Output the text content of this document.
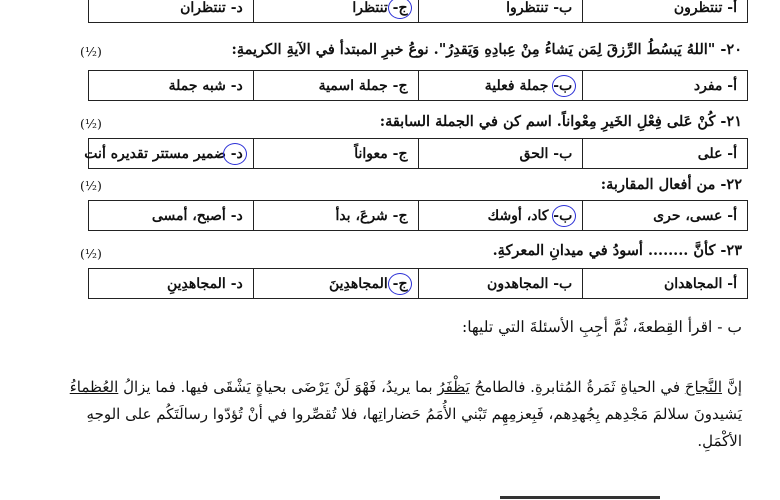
أ- تنتظرون	ب- تنتظروا	ج- تنتظرا	د- تنتظران
٢٠- "اللهُ يَبسُطُ الرِّزقَ لِمَن يَشاءُ مِنْ عِبادِهِ وَيَقدِرُ". نوعُ خبرِ المبتدأ في الآيةِ الكريمةِ:
(½)
أ- مفرد	ب- جملة فعلية	ج- جملة اسمية	د- شبه جملة
٢١- كُنْ عَلى فِعْلِ الخَيرِ مِعْواناً. اسم كن في الجملة السابقة:
(½)
أ- على	ب- الحق	ج- معواناً	د- ضمير مستتر تقديره أنت
٢٢- من أفعال المقاربة:
(½)
أ- عسى، حرى	ب- كاد، أوشك	ج- شرعَ، بدأ	د- أصبح، أمسى
٢٣- كأنَّ ........ أسودُ في ميدانِ المعركةِ.
(½)
أ- المجاهدان	ب- المجاهدون	ج- المجاهدِينَ	د- المجاهدِينِ
ب - اقرأ القِطعةَ، ثُمَّ أجِبِ الأسئلةَ التي تليها:
إنَّ النَّجاحَ في الحياةِ ثَمَرةُ المُثابرةِ. فالطامحُ يَظْفَرُ بما يريدُ، فَهْوَ لَنْ يَرْضَى بحياةٍ يَشْقَى فيها. فما يزالُ العُظماءُ
يَشيدونَ سلالمَ مَجْدِهم بِجُهدِهم، فَبِعزمِهِم تَبْني الأُمَمُ حَضاراتِها، فلا تُقصِّروا في أنْ تُؤدّوا رسالَتَكُم على الوجهِ
الأكْمَلِ.
